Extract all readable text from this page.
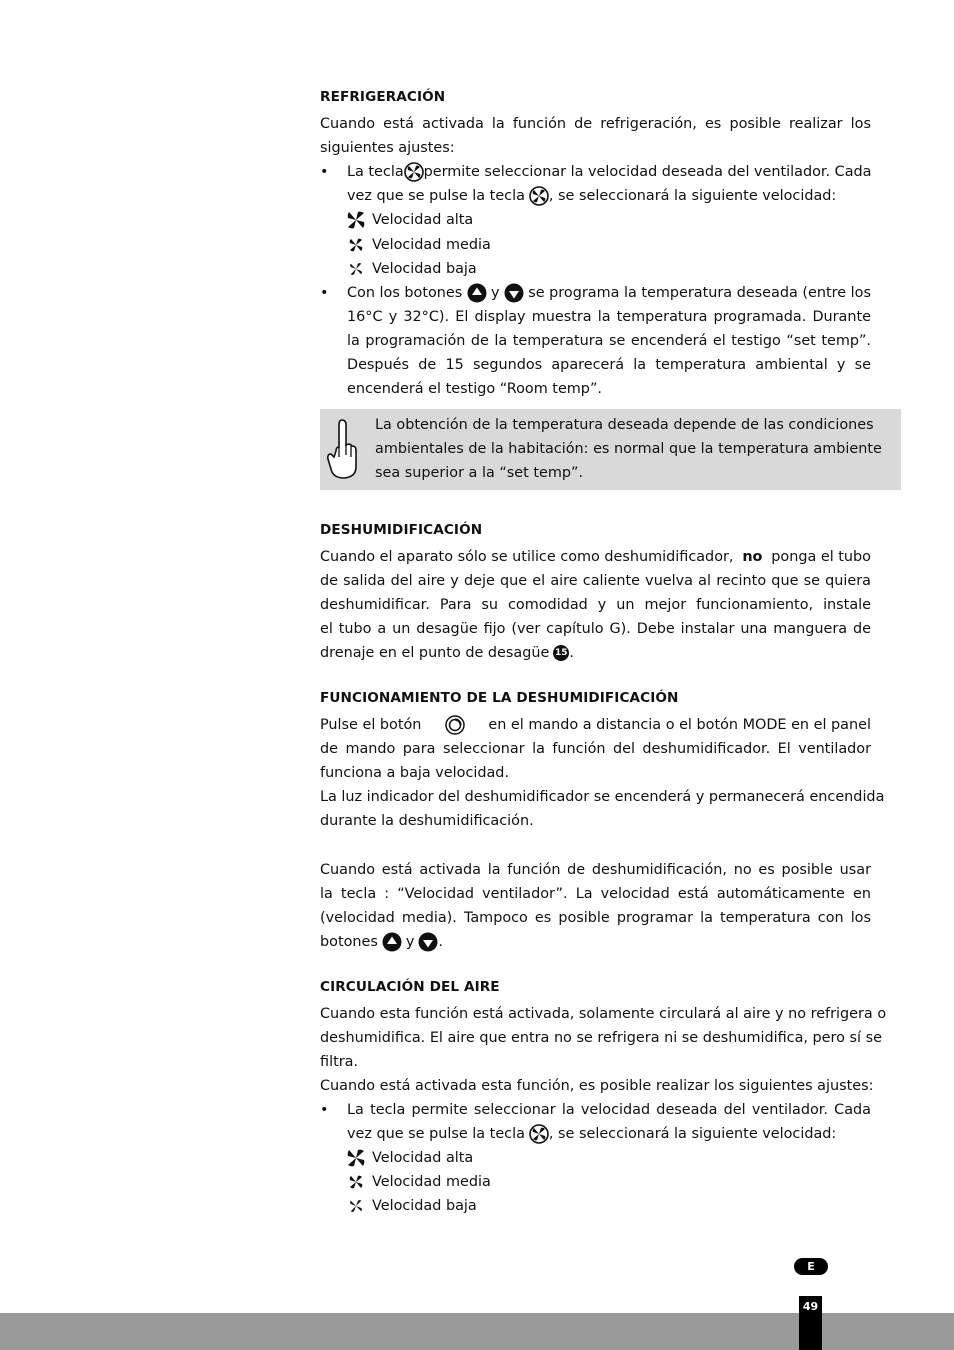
REFRIGERACIÓN
Cuando está activada la función de refrigeración, es posible realizar los
siguientes ajustes:
• La tecla permite seleccionar la velocidad deseada del ventilador. Cada
vez que se pulse la tecla , se seleccionará la siguiente velocidad:
Velocidad alta
Velocidad media
Velocidad baja
• Con los botones y se programa la temperatura deseada (entre los
16°C y 32°C). El display muestra la temperatura programada. Durante
la programación de la temperatura se encenderá el testigo “set temp”.
Después de 15 segundos aparecerá la temperatura ambiental y se
encenderá el testigo “Room temp”.
La obtención de la temperatura deseada depende de las condiciones
ambientales de la habitación: es normal que la temperatura ambiente
sea superior a la “set temp”.
DESHUMIDIFICACIÓN
Cuando el aparato sólo se utilice como deshumidificador, no ponga el tubo
de salida del aire y deje que el aire caliente vuelva al recinto que se quiera
deshumidificar. Para su comodidad y un mejor funcionamiento, instale
el tubo a un desagüe fijo (ver capítulo G). Debe instalar una manguera de
drenaje en el punto de desagüe 15 .
FUNCIONAMIENTO DE LA DESHUMIDIFICACIÓN
Pulse el botón	en el mando a distancia o el botón MODE en el panel
de mando para seleccionar la función del deshumidificador. El ventilador
funciona a baja velocidad.
La luz indicador del deshumidificador se encenderá y permanecerá encendida
durante la deshumidificación.
Cuando está activada la función de deshumidificación, no es posible usar
la tecla : “Velocidad ventilador”. La velocidad está automáticamente en
(velocidad media). Tampoco es posible programar la temperatura con los
botones y .
CIRCULACIÓN DEL AIRE
Cuando esta función está activada, solamente circulará al aire y no refrigera o
deshumidifica. El aire que entra no se refrigera ni se deshumidifica, pero sí se
filtra.
Cuando está activada esta función, es posible realizar los siguientes ajustes:
• La tecla permite seleccionar la velocidad deseada del ventilador. Cada
vez que se pulse la tecla , se seleccionará la siguiente velocidad:
Velocidad alta
Velocidad media
Velocidad baja
E
49
